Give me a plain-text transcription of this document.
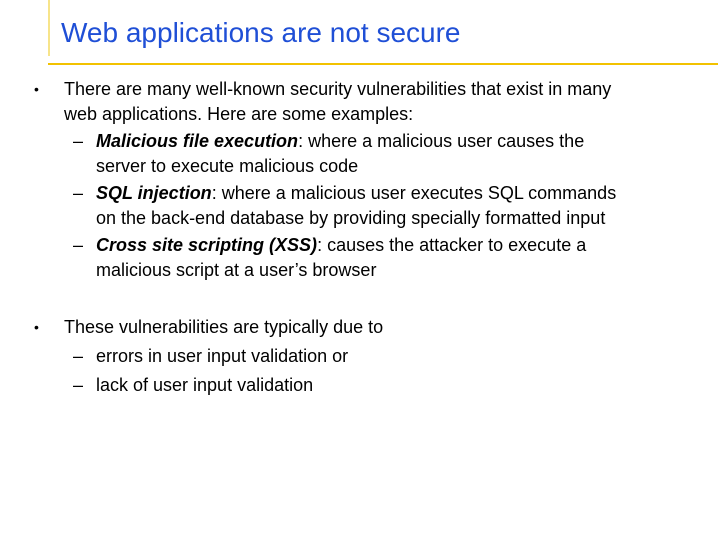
Web applications are not secure
• There are many well-known security vulnerabilities that exist in many
web applications. Here are some examples:
– Malicious file execution: where a malicious user causes the
server to execute malicious code
– SQL injection: where a malicious user executes SQL commands
on the back-end database by providing specially formatted input
– Cross site scripting (XSS): causes the attacker to execute a
malicious script at a user’s browser
• These vulnerabilities are typically due to
– errors in user input validation or
– lack of user input validation
